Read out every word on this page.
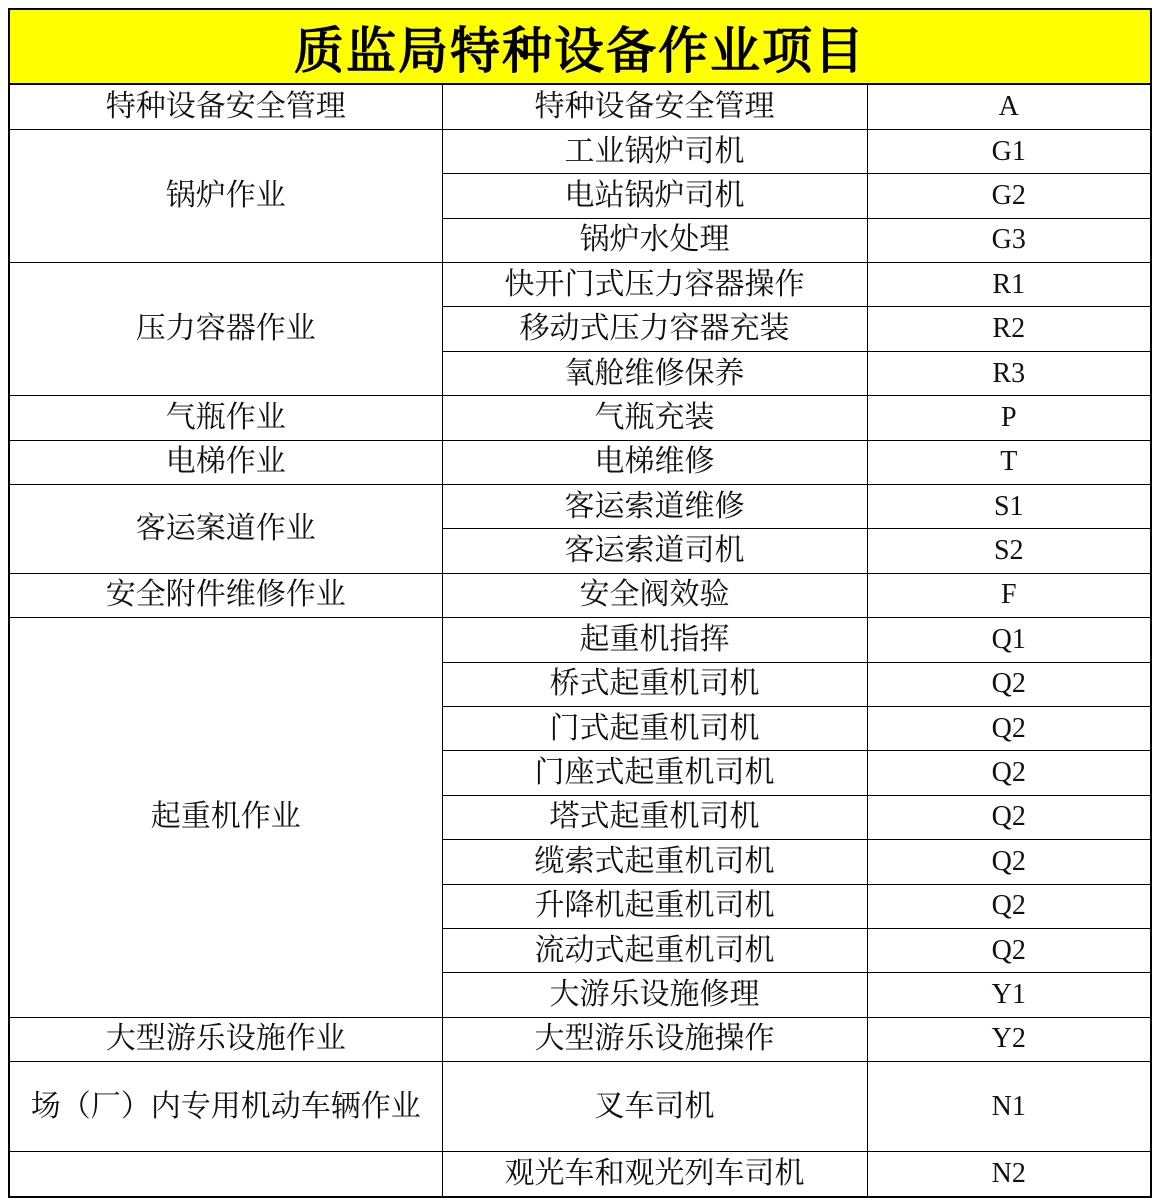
质监局特种设备作业项目
特种设备安全管理	特种设备安全管理	A
锅炉作业	工业锅炉司机	G1
	电站锅炉司机	G2
	锅炉水处理	G3
压力容器作业	快开门式压力容器操作	R1
	移动式压力容器充装	R2
	氧舱维修保养	R3
气瓶作业	气瓶充装	P
电梯作业	电梯维修	T
客运案道作业	客运索道维修	S1
	客运索道司机	S2
安全附件维修作业	安全阀效验	F
起重机作业	起重机指挥	Q1
	桥式起重机司机	Q2
	门式起重机司机	Q2
	门座式起重机司机	Q2
	塔式起重机司机	Q2
	缆索式起重机司机	Q2
	升降机起重机司机	Q2
	流动式起重机司机	Q2
	大游乐设施修理	Y1
大型游乐设施作业	大型游乐设施操作	Y2
场（厂）内专用机动车辆作业	叉车司机	N1
	观光车和观光列车司机	N2
